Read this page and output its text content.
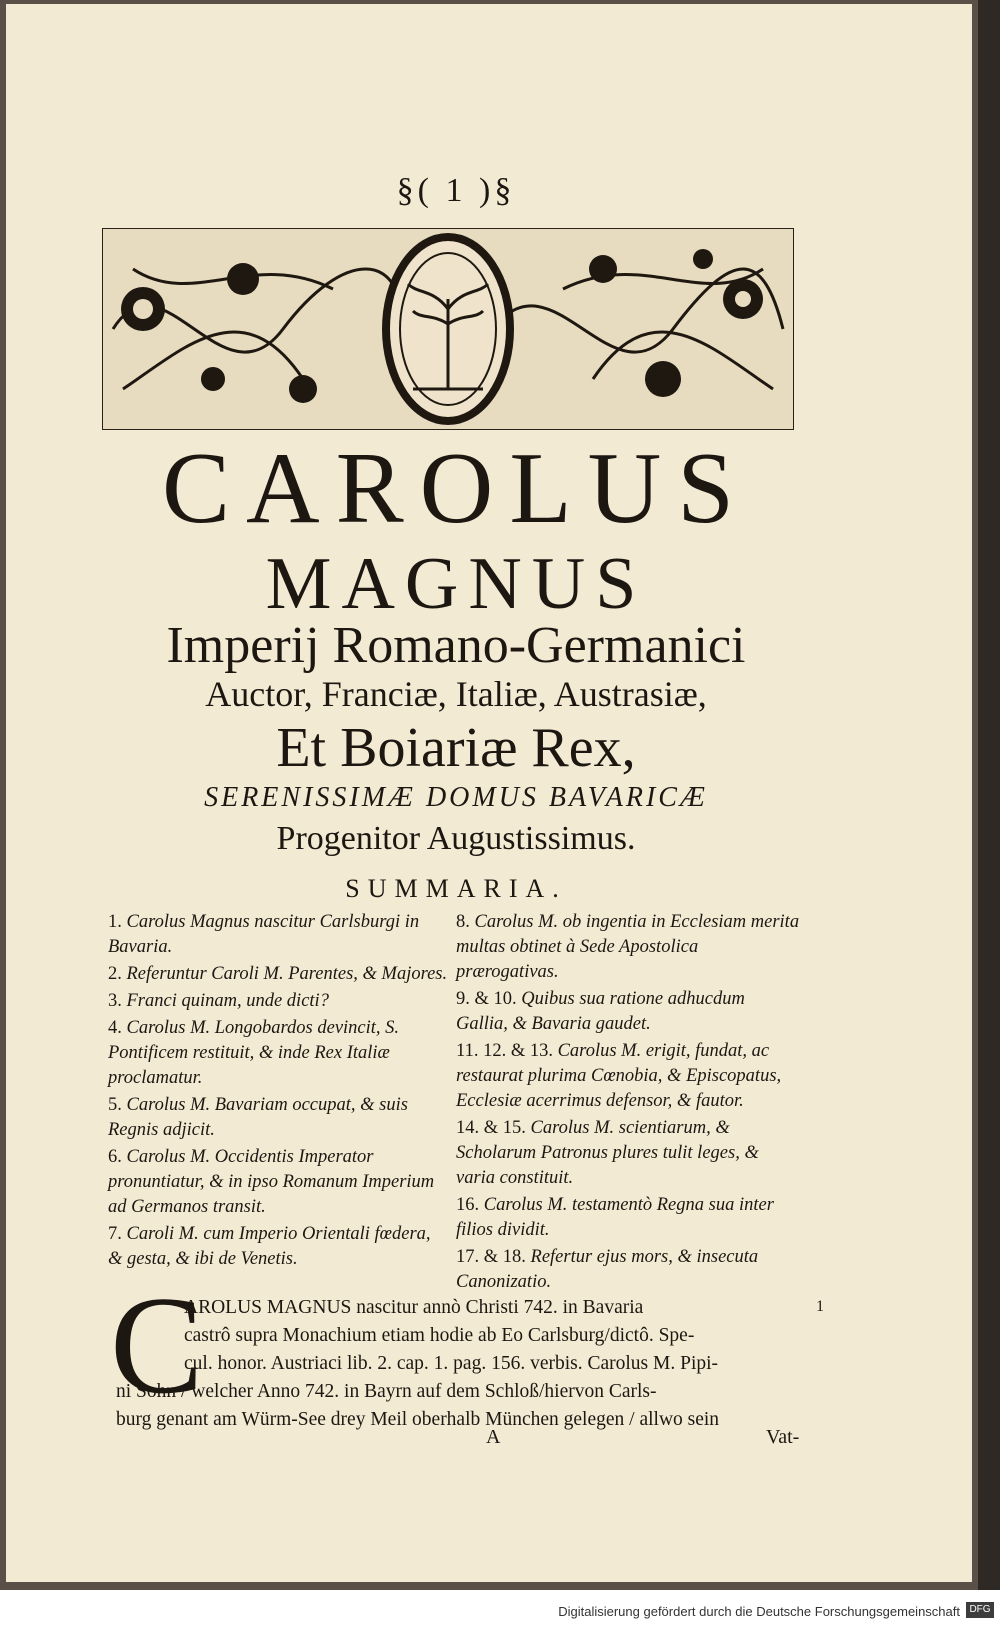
§( 1 )§
CAROLUS
MAGNUS
Imperij Romano-Germanici
Auctor, Franciæ, Italiæ, Austrasiæ,
Et Boiariæ Rex,
SERENISSIMÆ DOMUS BAVARICÆ
Progenitor Augustissimus.
SUMMARIA.
1. Carolus Magnus nascitur Carlsburgi in Bavaria.
2. Referuntur Caroli M. Parentes, & Majores.
3. Franci quinam, unde dicti?
4. Carolus M. Longobardos devincit, S. Pontificem restituit, & inde Rex Italiæ proclamatur.
5. Carolus M. Bavariam occupat, & suis Regnis adjicit.
6. Carolus M. Occidentis Imperator pronuntiatur, & in ipso Romanum Imperium ad Germanos transit.
7. Caroli M. cum Imperio Orientali fœdera, & gesta, & ibi de Venetis.
8. Carolus M. ob ingentia in Ecclesiam merita multas obtinet à Sede Apostolica prærogativas.
9. & 10. Quibus sua ratione adhucdum Gallia, & Bavaria gaudet.
11. 12. & 13. Carolus M. erigit, fundat, ac restaurat plurima Cœnobia, & Episcopatus, Ecclesiæ acerrimus defensor, & fautor.
14. & 15. Carolus M. scientiarum, & Scholarum Patronus plures tulit leges, & varia constituit.
16. Carolus M. testamentò Regna sua inter filios dividit.
17. & 18. Refertur ejus mors, & insecuta Canonizatio.
C
AROLUS MAGNUS nascitur annò Christi 742. in Bavaria
castrô supra Monachium etiam hodie ab Eo Carlsburg/dictô. Spe-
cul. honor. Austriaci lib. 2. cap. 1. pag. 156. verbis. Carolus M. Pipi-
ni Sohn / welcher Anno 742. in Bayrn auf dem Schloß/hiervon Carls-
burg genant am Würm-See drey Meil oberhalb München gelegen / allwo sein
1
A	Vat-
Digitalisierung gefördert durch die Deutsche Forschungsgemeinschaft DFG
